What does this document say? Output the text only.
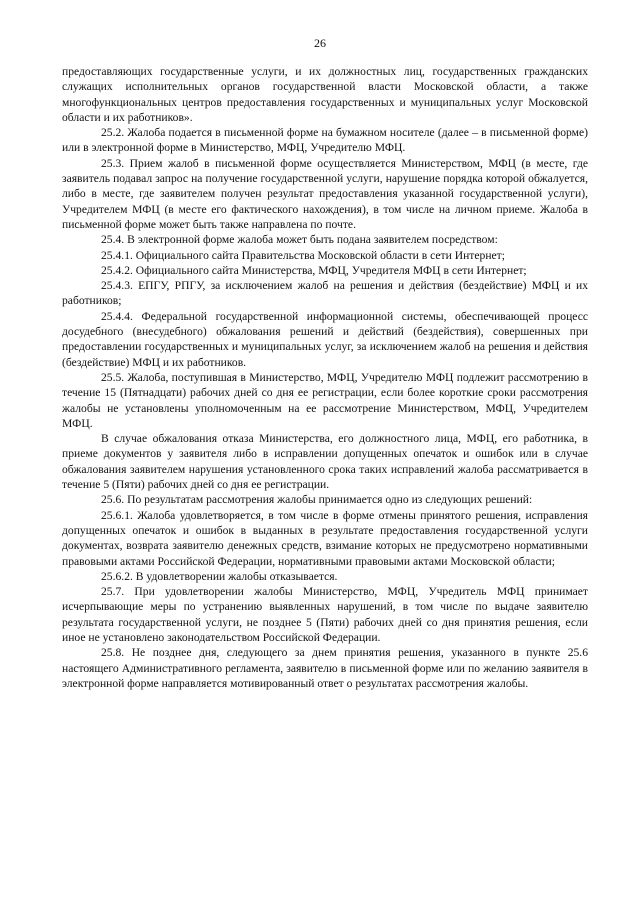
26

предоставляющих государственные услуги, и их должностных лиц, государственных гражданских служащих исполнительных органов государственной власти Московской области, а также многофункциональных центров предоставления государственных и муниципальных услуг Московской области и их работников».

25.2. Жалоба подается в письменной форме на бумажном носителе (далее – в письменной форме) или в электронной форме в Министерство, МФЦ, Учредителю МФЦ.

25.3. Прием жалоб в письменной форме осуществляется Министерством, МФЦ (в месте, где заявитель подавал запрос на получение государственной услуги, нарушение порядка которой обжалуется, либо в месте, где заявителем получен результат предоставления указанной государственной услуги), Учредителем МФЦ (в месте его фактического нахождения), в том числе на личном приеме. Жалоба в письменной форме может быть также направлена по почте.

25.4. В электронной форме жалоба может быть подана заявителем посредством:

25.4.1. Официального сайта Правительства Московской области в сети Интернет;

25.4.2. Официального сайта Министерства, МФЦ, Учредителя МФЦ в сети Интернет;

25.4.3. ЕПГУ, РПГУ, за исключением жалоб на решения и действия (бездействие) МФЦ и их работников;

25.4.4. Федеральной государственной информационной системы, обеспечивающей процесс досудебного (внесудебного) обжалования решений и действий (бездействия), совершенных при предоставлении государственных и муниципальных услуг, за исключением жалоб на решения и действия (бездействие) МФЦ и их работников.

25.5. Жалоба, поступившая в Министерство, МФЦ, Учредителю МФЦ подлежит рассмотрению в течение 15 (Пятнадцати) рабочих дней со дня ее регистрации, если более короткие сроки рассмотрения жалобы не установлены уполномоченным на ее рассмотрение Министерством, МФЦ, Учредителем МФЦ.

В случае обжалования отказа Министерства, его должностного лица, МФЦ, его работника, в приеме документов у заявителя либо в исправлении допущенных опечаток и ошибок или в случае обжалования заявителем нарушения установленного срока таких исправлений жалоба рассматривается в течение 5 (Пяти) рабочих дней со дня ее регистрации.

25.6. По результатам рассмотрения жалобы принимается одно из следующих решений:

25.6.1. Жалоба удовлетворяется, в том числе в форме отмены принятого решения, исправления допущенных опечаток и ошибок в выданных в результате предоставления государственной услуги документах, возврата заявителю денежных средств, взимание которых не предусмотрено нормативными правовыми актами Российской Федерации, нормативными правовыми актами Московской области;

25.6.2. В удовлетворении жалобы отказывается.

25.7. При удовлетворении жалобы Министерство, МФЦ, Учредитель МФЦ принимает исчерпывающие меры по устранению выявленных нарушений, в том числе по выдаче заявителю результата государственной услуги, не позднее 5 (Пяти) рабочих дней со дня принятия решения, если иное не установлено законодательством Российской Федерации.

25.8. Не позднее дня, следующего за днем принятия решения, указанного в пункте 25.6 настоящего Административного регламента, заявителю в письменной форме или по желанию заявителя в электронной форме направляется мотивированный ответ о результатах рассмотрения жалобы.
